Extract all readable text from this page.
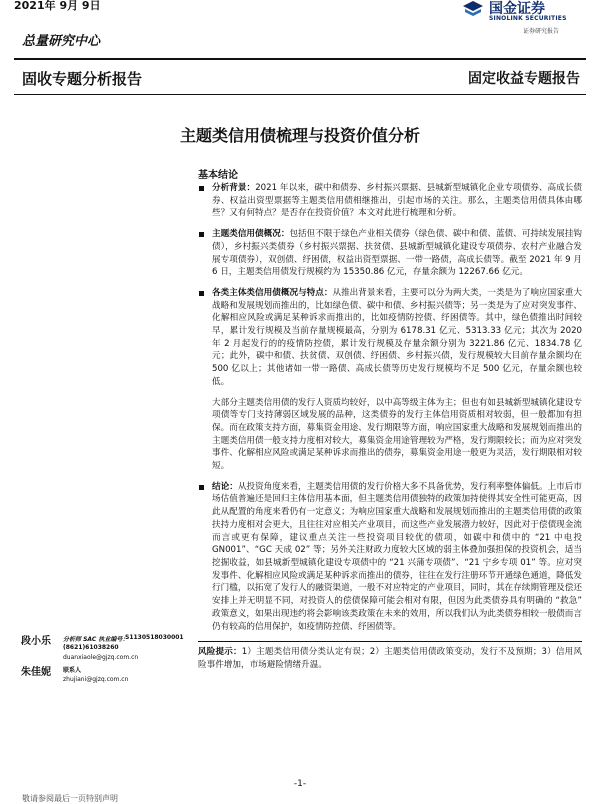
2021年 9月 9日
总量研究中心
国金证券
SINOLINK SECURITIES
证券研究报告
固收专题分析报告	固定收益专题报告
主题类信用债梳理与投资价值分析
基本结论

分析背景：2021 年以来，碳中和债券、乡村振兴票据、县城新型城镇化企业专项债券、高成长债券、权益出资型票据等主题类信用债相继推出，引起市场的关注。那么，主题类信用债具体由哪些？又有何特点？是否存在投资价值？本文对此进行梳理和分析。

主题类信用债概况：包括但不限于绿色产业相关债券（绿色债、碳中和债、蓝债、可持续发展挂钩债），乡村振兴类债券（乡村振兴票据、扶贫债、县城新型城镇化建设专项债券、农村产业融合发展专项债券），双创债、纾困债，权益出资型票据、一带一路债，高成长债等。截至 2021 年 9 月 6 日，主题类信用债发行规模约为 15350.86 亿元，存量余额为 12267.66 亿元。

各类主体类信用债概况与特点：从推出背景来看，主要可以分为两大类，一类是为了响应国家重大战略和发展规划而推出的，比如绿色债、碳中和债、乡村振兴债等；另一类是为了应对突发事件、化解相应风险或满足某种诉求而推出的，比如疫情防控债、纾困债等。其中，绿色债推出时间较早，累计发行规模及当前存量规模最高，分别为 6178.31 亿元、5313.33 亿元；其次为 2020 年 2 月起发行的的疫情防控债，累计发行规模及存量余额分别为 3221.86 亿元、1834.78 亿元；此外，碳中和债、扶贫债、双创债、纾困债、乡村振兴债，发行规模较大目前存量余额均在 500 亿以上；其他诸如一带一路债、高成长债等历史发行规模均不足 500 亿元，存量余额也较低。

大部分主题类信用债的发行人资质均较好，以中高等级主体为主；但也有如县城新型城镇化建设专项债等专门支持薄弱区域发展的品种，这类债券的发行主体信用资质相对较弱，但一般都加有担保。而在政策支持方面，募集资金用途、发行期限等方面，响应国家重大战略和发展规划而推出的主题类信用债一般支持力度相对较大，募集资金用途管理较为严格，发行期限较长；而为应对突发事件、化解相应风险或满足某种诉求而推出的债券，募集资金用途一般更为灵活，发行期限相对较短。

结论：从投资角度来看，主题类信用债的发行价格大多不具备优势，发行利率整体偏低。上市后市场估值普遍还是回归主体信用基本面，但主题类信用债独特的政策加持使得其安全性可能更高，因此从配置的角度来看仍有一定意义；为响应国家重大战略和发展规划而推出的主题类信用债的政策扶持力度相对会更大，且往往对应相关产业项目，而这些产业发展潜力较好，因此对于偿债现金流而言或更有保障，建议重点关注一些投资项目较优的债项，如碳中和债中的 “21 中电投 GN001”、“GC 天成 02” 等；另外关注财政力度较大区域的弱主体叠加强担保的投资机会，适当挖掘收益，如县城新型城镇化建设专项债中的 “21 兴蒲专项债”、“21 宁乡专项 01” 等。应对突发事件、化解相应风险或满足某种诉求而推出的债券，往往在发行注册环节开通绿色通道，降低发行门槛，以拓宽了发行人的融资渠道，一般不对应特定的产业项目，同时，其在存续期管理及偿还安排上并无明显不同，对投资人的偿债保障可能会相对有限，但因为此类债券具有明确的 “救急” 政策意义，如果出现违约将会影响该类政策在未来的效用，所以我们认为此类债券相较一般债而言仍有较高的信用保护，如疫情防控债、纾困债等。

风险提示：1）主题类信用债分类认定有误；2）主题类信用债政策变动，发行不及预期；3）信用风险事件增加，市场避险情绪升温。

段小乐 分析师 SAC 执业编号：
S1130518030001
(8621)61038260
duanxiaole@gjzq.com.cn
朱佳妮 联系人
zhujiani@gjzq.com.cn
-1-
敬请参阅最后一页特别声明
